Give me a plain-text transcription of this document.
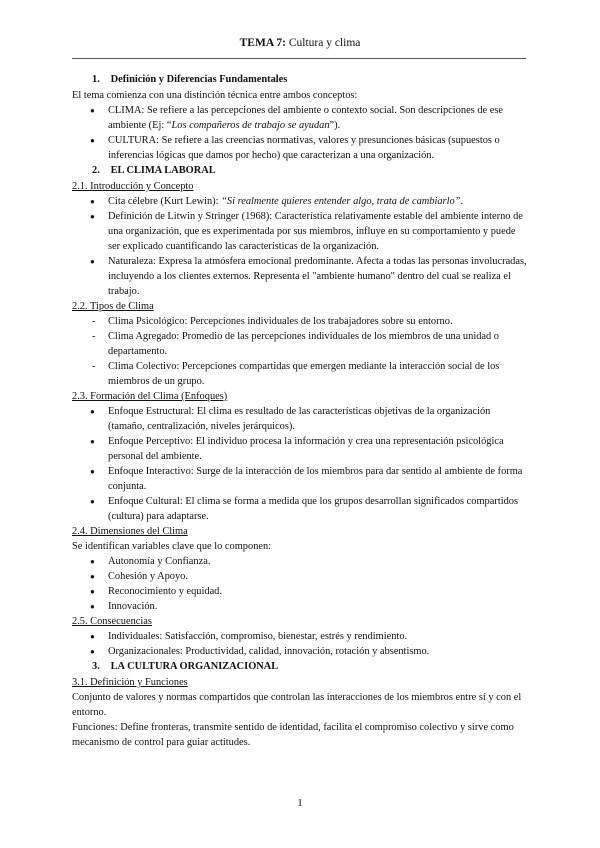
TEMA 7: Cultura y clima
1. Definición y Diferencias Fundamentales

El tema comienza con una distinción técnica entre ambos conceptos:

● CLIMA: Se refiere a las percepciones del ambiente o contexto social. Son descripciones de ese ambiente (Ej: “Los compañeros de trabajo se ayudan”).
● CULTURA: Se refiere a las creencias normativas, valores y presunciones básicas (supuestos o inferencias lógicas que damos por hecho) que caracterizan a una organización.
2. EL CLIMA LABORAL

2.1. Introducción y Concepto

● Cita célebre (Kurt Lewin): “Si realmente quieres entender algo, trata de cambiarlo”.
● Definición de Litwin y Stringer (1968): Característica relativamente estable del ambiente interno de una organización, que es experimentada por sus miembros, influye en su comportamiento y puede ser explicado cuantificando las características de la organización.
● Naturaleza: Expresa la atmósfera emocional predominante. Afecta a todas las personas involucradas, incluyendo a los clientes externos. Representa el "ambiente humano" dentro del cual se realiza el trabajo.

2.2. Tipos de Clima

- Clima Psicológico: Percepciones individuales de los trabajadores sobre su entorno.
- Clima Agregado: Promedio de las percepciones individuales de los miembros de una unidad o departamento.
- Clima Colectivo: Percepciones compartidas que emergen mediante la interacción social de los miembros de un grupo.

2.3. Formación del Clima (Enfoques)

● Enfoque Estructural: El clima es resultado de las características objetivas de la organización (tamaño, centralización, niveles jerárquicos).
● Enfoque Perceptivo: El individuo procesa la información y crea una representación psicológica personal del ambiente.
● Enfoque Interactivo: Surge de la interacción de los miembros para dar sentido al ambiente de forma conjunta.
● Enfoque Cultural: El clima se forma a medida que los grupos desarrollan significados compartidos (cultura) para adaptarse.

2.4. Dimensiones del Clima

Se identifican variables clave que lo componen:

● Autonomía y Confianza.
● Cohesión y Apoyo.
● Reconocimiento y equidad.
● Innovación.

2.5. Consecuencias

● Individuales: Satisfacción, compromiso, bienestar, estrés y rendimiento.
● Organizacionales: Productividad, calidad, innovación, rotación y absentismo.
3. LA CULTURA ORGANIZACIONAL

3.1. Definición y Funciones

Conjunto de valores y normas compartidos que controlan las interacciones de los miembros entre sí y con el entorno.

Funciones: Define fronteras, transmite sentido de identidad, facilita el compromiso colectivo y sirve como mecanismo de control para guiar actitudes.

1
